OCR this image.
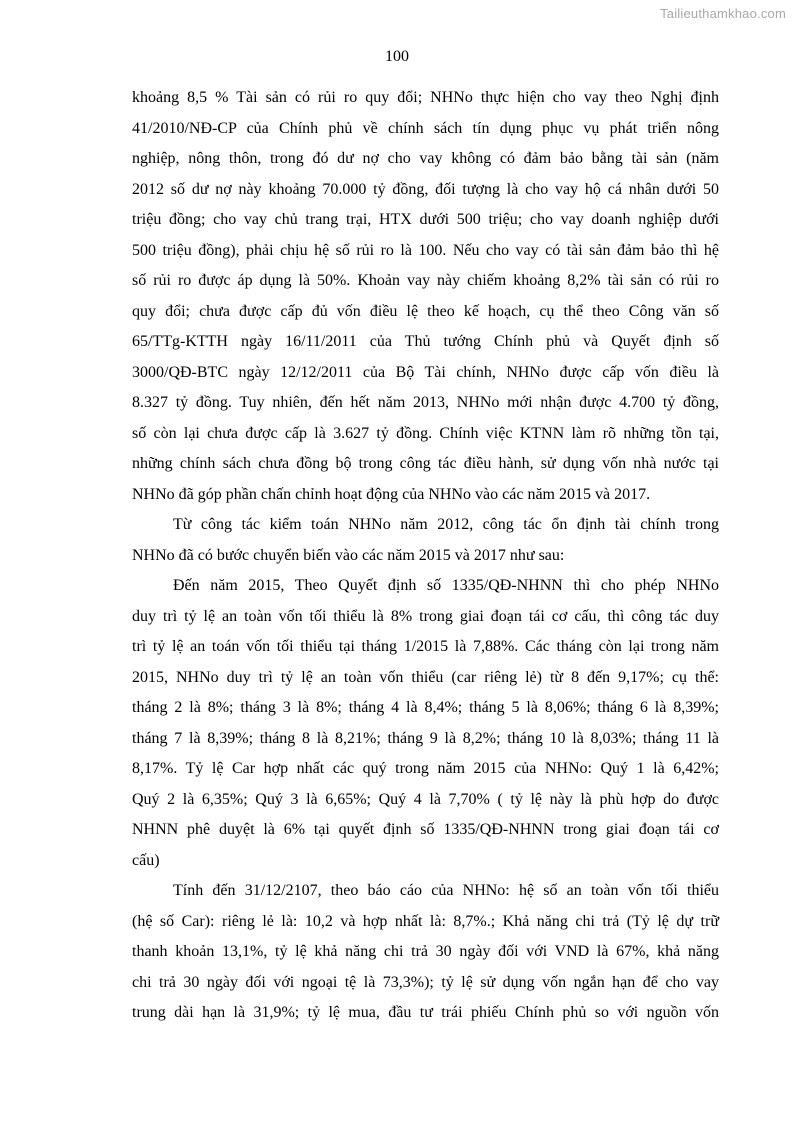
Tailieuthamkhao.com
100
khoảng 8,5 % Tài sản có rủi ro quy đổi; NHNo thực hiện cho vay theo Nghị định
41/2010/NĐ-CP của Chính phủ về chính sách tín dụng phục vụ phát triển nông
nghiệp, nông thôn, trong đó dư nợ cho vay không có đảm bảo bằng tài sản (năm
2012 số dư nợ này khoảng 70.000 tỷ đồng, đối tượng là cho vay hộ cá nhân dưới 50
triệu đồng; cho vay chủ trang trại, HTX dưới 500 triệu; cho vay doanh nghiệp dưới
500 triệu đồng), phải chịu hệ số rủi ro là 100. Nếu cho vay có tài sản đảm bảo thì hệ
số rủi ro được áp dụng là 50%. Khoản vay này chiếm khoảng 8,2% tài sản có rủi ro
quy đổi; chưa được cấp đủ vốn điều lệ theo kế hoạch, cụ thể theo Công văn số
65/TTg-KTTH ngày 16/11/2011 của Thủ tướng Chính phủ và Quyết định số
3000/QĐ-BTC ngày 12/12/2011 của Bộ Tài chính, NHNo được cấp vốn điều là
8.327 tỷ đồng. Tuy nhiên, đến hết năm 2013, NHNo mới nhận được 4.700 tỷ đồng,
số còn lại chưa được cấp là 3.627 tỷ đồng. Chính việc KTNN làm rõ những tồn tại,
những chính sách chưa đồng bộ trong công tác điều hành, sử dụng vốn nhà nước tại
NHNo đã góp phần chấn chỉnh hoạt động của NHNo vào các năm 2015 và 2017.
Từ công tác kiểm toán NHNo năm 2012, công tác ổn định tài chính trong
NHNo đã có bước chuyển biến vào các năm 2015 và 2017 như sau:
Đến năm 2015, Theo Quyết định số 1335/QĐ-NHNN thì cho phép NHNo
duy trì tỷ lệ an toàn vốn tối thiểu là 8% trong giai đoạn tái cơ cấu, thì công tác duy
trì tỷ lệ an toán vốn tối thiểu tại tháng 1/2015 là 7,88%. Các tháng còn lại trong năm
2015, NHNo duy trì tỷ lệ an toàn vốn thiểu (car riêng lẻ) từ 8 đến 9,17%; cụ thể:
tháng 2 là 8%; tháng 3 là 8%; tháng 4 là 8,4%; tháng 5 là 8,06%; tháng 6 là 8,39%;
tháng 7 là 8,39%; tháng 8 là 8,21%; tháng 9 là 8,2%; tháng 10 là 8,03%; tháng 11 là
8,17%. Tỷ lệ Car hợp nhất các quý trong năm 2015 của NHNo: Quý 1 là 6,42%;
Quý 2 là 6,35%; Quý 3 là 6,65%; Quý 4 là 7,70% ( tỷ lệ này là phù hợp do được
NHNN phê duyệt là 6% tại quyết định số 1335/QĐ-NHNN trong giai đoạn tái cơ
cấu)
Tính đến 31/12/2107, theo báo cáo của NHNo: hệ số an toàn vốn tối thiểu
(hệ số Car): riêng lẻ là: 10,2 và hợp nhất là: 8,7%.; Khả năng chi trả (Tỷ lệ dự trữ
thanh khoản 13,1%, tỷ lệ khả năng chi trả 30 ngày đối với VND là 67%, khả năng
chi trả 30 ngày đối với ngoại tệ là 73,3%); tỷ lệ sử dụng vốn ngắn hạn để cho vay
trung dài hạn là 31,9%; tỷ lệ mua, đầu tư trái phiếu Chính phủ so với nguồn vốn
